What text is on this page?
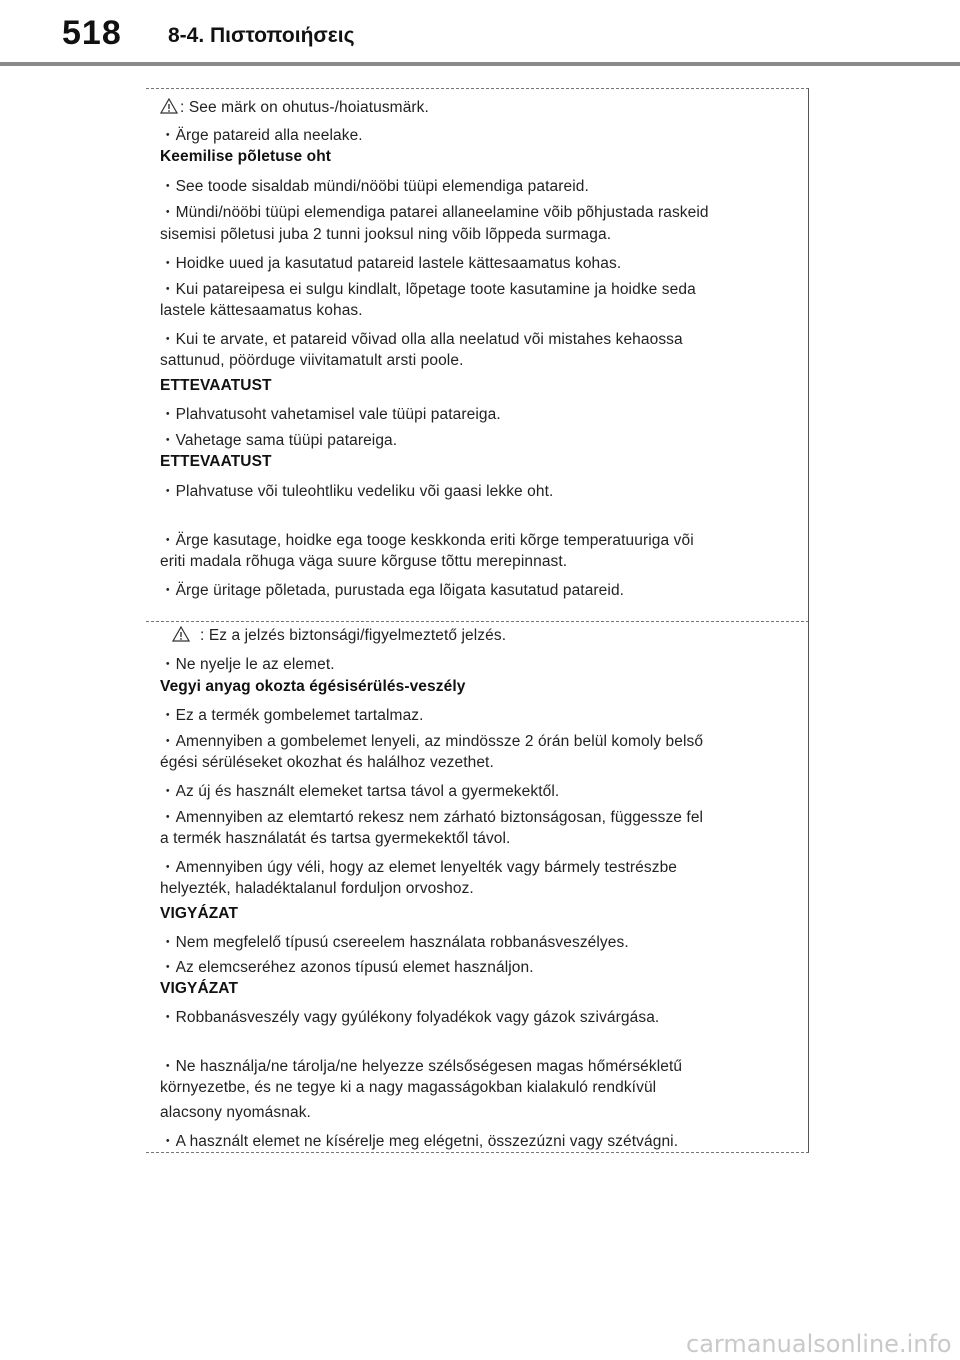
518 8-4. Πιστοποιήσεις
: See märk on ohutus-/hoiatusmärk.
・Ärge patareid alla neelake.
Keemilise põletuse oht
・See toode sisaldab mündi/nööbi tüüpi elemendiga patareid.
・Mündi/nööbi tüüpi elemendiga patarei allaneelamine võib põhjustada raskeid
sisemisi põletusi juba 2 tunni jooksul ning võib lõppeda surmaga.
・Hoidke uued ja kasutatud patareid lastele kättesaamatus kohas.
・Kui patareipesa ei sulgu kindlalt, lõpetage toote kasutamine ja hoidke seda
lastele kättesaamatus kohas.
・Kui te arvate, et patareid võivad olla alla neelatud või mistahes kehaossa
sattunud, pöörduge viivitamatult arsti poole.
ETTEVAATUST
・Plahvatusoht vahetamisel vale tüüpi patareiga.
・Vahetage sama tüüpi patareiga.
ETTEVAATUST
・Plahvatuse või tuleohtliku vedeliku või gaasi lekke oht.
・Ärge kasutage, hoidke ega tooge keskkonda eriti kõrge temperatuuriga või
eriti madala rõhuga väga suure kõrguse tõttu merepinnast.
・Ärge üritage põletada, purustada ega lõigata kasutatud patareid.
: Ez a jelzés biztonsági/figyelmeztető jelzés.
・Ne nyelje le az elemet.
Vegyi anyag okozta égésisérülés-veszély
・Ez a termék gombelemet tartalmaz.
・Amennyiben a gombelemet lenyeli, az mindössze 2 órán belül komoly belső
égési sérüléseket okozhat és halálhoz vezethet.
・Az új és használt elemeket tartsa távol a gyermekektől.
・Amennyiben az elemtartó rekesz nem zárható biztonságosan, függessze fel
a termék használatát és tartsa gyermekektől távol.
・Amennyiben úgy véli, hogy az elemet lenyelték vagy bármely testrészbe
helyezték, haladéktalanul forduljon orvoshoz.
VIGYÁZAT
・Nem megfelelő típusú csereelem használata robbanásveszélyes.
・Az elemcseréhez azonos típusú elemet használjon.
VIGYÁZAT
・Robbanásveszély vagy gyúlékony folyadékok vagy gázok szivárgása.
・Ne használja/ne tárolja/ne helyezze szélsőségesen magas hőmérsékletű
környezetbe, és ne tegye ki a nagy magasságokban kialakuló rendkívül
alacsony nyomásnak.
・A használt elemet ne kísérelje meg elégetni, összezúzni vagy szétvágni.
carmanualsonline.info
